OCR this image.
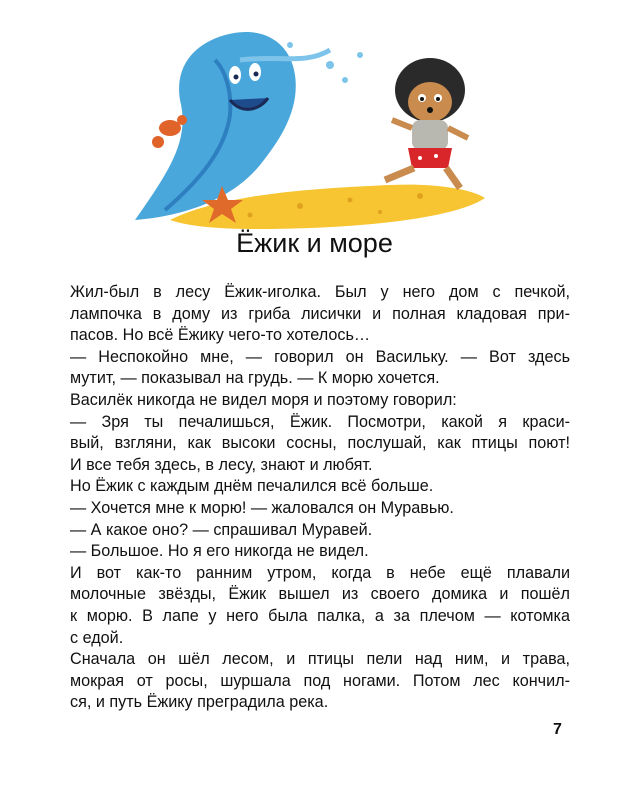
Ёжик и море
Жил-был в лесу Ёжик-иголка. Был у него дом с печкой,
лампочка в дому из гриба лисички и полная кладовая при-
пасов. Но всё Ёжику чего-то хотелось…
— Неспокойно мне, — говорил он Васильку. — Вот здесь
мутит, — показывал на грудь. — К морю хочется.
Василёк никогда не видел моря и поэтому говорил:
— Зря ты печалишься, Ёжик. Посмотри, какой я краси-
вый, взгляни, как высоки сосны, послушай, как птицы поют!
И все тебя здесь, в лесу, знают и любят.
Но Ёжик с каждым днём печалился всё больше.
— Хочется мне к морю! — жаловался он Муравью.
— А какое оно? — спрашивал Муравей.
— Большое. Но я его никогда не видел.
И вот как-то ранним утром, когда в небе ещё плавали
молочные звёзды, Ёжик вышел из своего домика и пошёл
к морю. В лапе у него была палка, а за плечом — котомка
с едой.
Сначала он шёл лесом, и птицы пели над ним, и трава,
мокрая от росы, шуршала под ногами. Потом лес кончил-
ся, и путь Ёжику преградила река.
7
